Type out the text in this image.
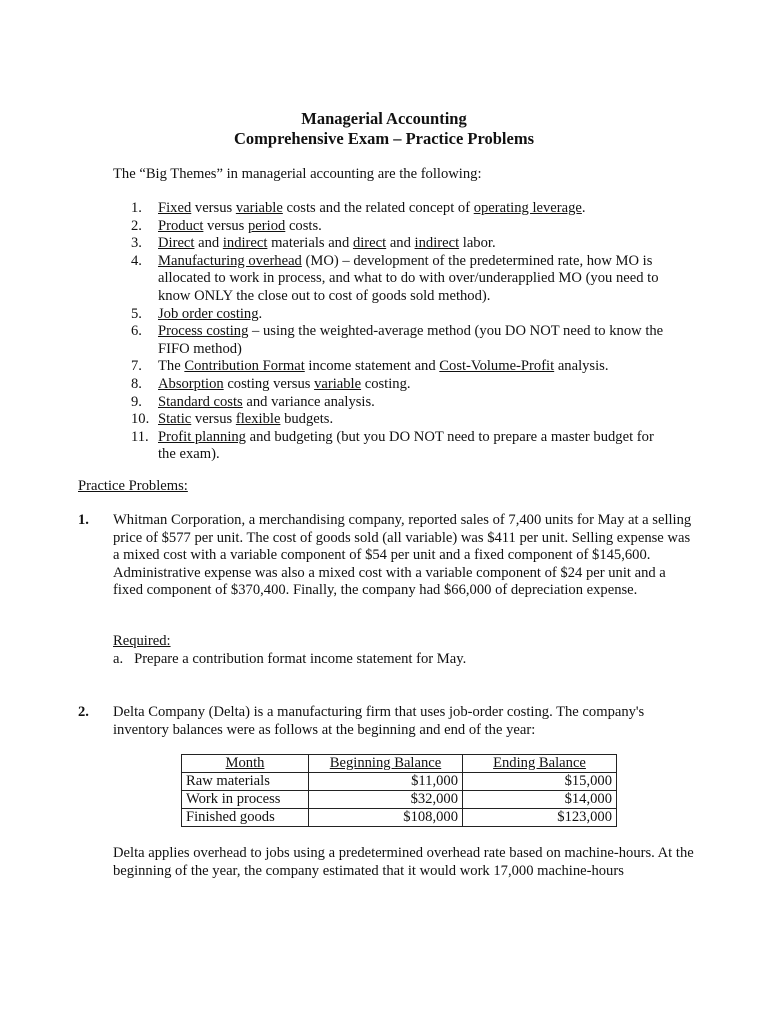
Managerial Accounting
Comprehensive Exam – Practice Problems
The “Big Themes” in managerial accounting are the following:
1.	Fixed versus variable costs and the related concept of operating leverage.
2.	Product versus period costs.
3.	Direct and indirect materials and direct and indirect labor.
4.	Manufacturing overhead (MO) – development of the predetermined rate, how MO is allocated to work in process, and what to do with over/underapplied MO (you need to know ONLY the close out to cost of goods sold method).
5.	Job order costing.
6.	Process costing – using the weighted-average method (you DO NOT need to know the FIFO method)
7.	The Contribution Format income statement and Cost-Volume-Profit analysis.
8.	Absorption costing versus variable costing.
9.	Standard costs and variance analysis.
10. Static versus flexible budgets.
11. Profit planning and budgeting (but you DO NOT need to prepare a master budget for the exam).
Practice Problems:
1. Whitman Corporation, a merchandising company, reported sales of 7,400 units for May at a selling price of $577 per unit. The cost of goods sold (all variable) was $411 per unit. Selling expense was a mixed cost with a variable component of $54 per unit and a fixed component of $145,600. Administrative expense was also a mixed cost with a variable component of $24 per unit and a fixed component of $370,400. Finally, the company had $66,000 of depreciation expense.
Required:
a.   Prepare a contribution format income statement for May.
2. Delta Company (Delta) is a manufacturing firm that uses job-order costing. The company's inventory balances were as follows at the beginning and end of the year:
Month	Beginning Balance	Ending Balance
Raw materials	$11,000	$15,000
Work in process	$32,000	$14,000
Finished goods	$108,000	$123,000
Delta applies overhead to jobs using a predetermined overhead rate based on machine-hours. At the beginning of the year, the company estimated that it would work 17,000 machine-hours
